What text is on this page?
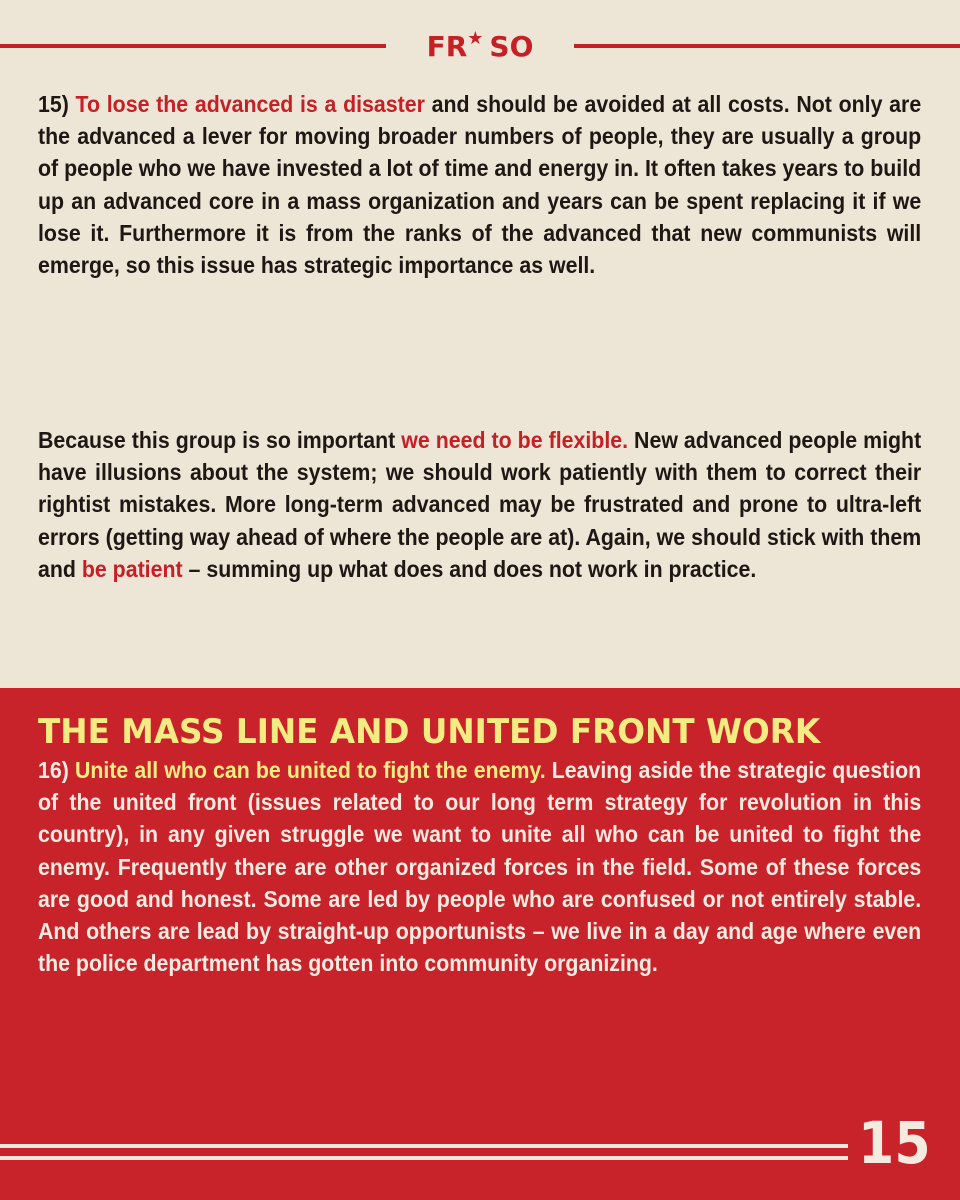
FR ★ SO

15) To lose the advanced is a disaster and should be avoided at all costs. Not only are the advanced a lever for moving broader numbers of people, they are usually a group of people who we have invested a lot of time and energy in. It often takes years to build up an advanced core in a mass organization and years can be spent replacing it if we lose it. Furthermore it is from the ranks of the advanced that new communists will emerge, so this issue has strategic importance as well.

Because this group is so important we need to be flexible. New advanced people might have illusions about the system; we should work patiently with them to correct their rightist mistakes. More long-term advanced may be frustrated and prone to ultra-left errors (getting way ahead of where the people are at). Again, we should stick with them and be patient – summing up what does and does not work in practice.

THE MASS LINE AND UNITED FRONT WORK

16) Unite all who can be united to fight the enemy. Leaving aside the strategic question of the united front (issues related to our long term strategy for revolution in this country), in any given struggle we want to unite all who can be united to fight the enemy. Frequently there are other organized forces in the field. Some of these forces are good and honest. Some are led by people who are confused or not entirely stable. And others are lead by straight-up opportunists – we live in a day and age where even the police department has gotten into community organizing.

15
